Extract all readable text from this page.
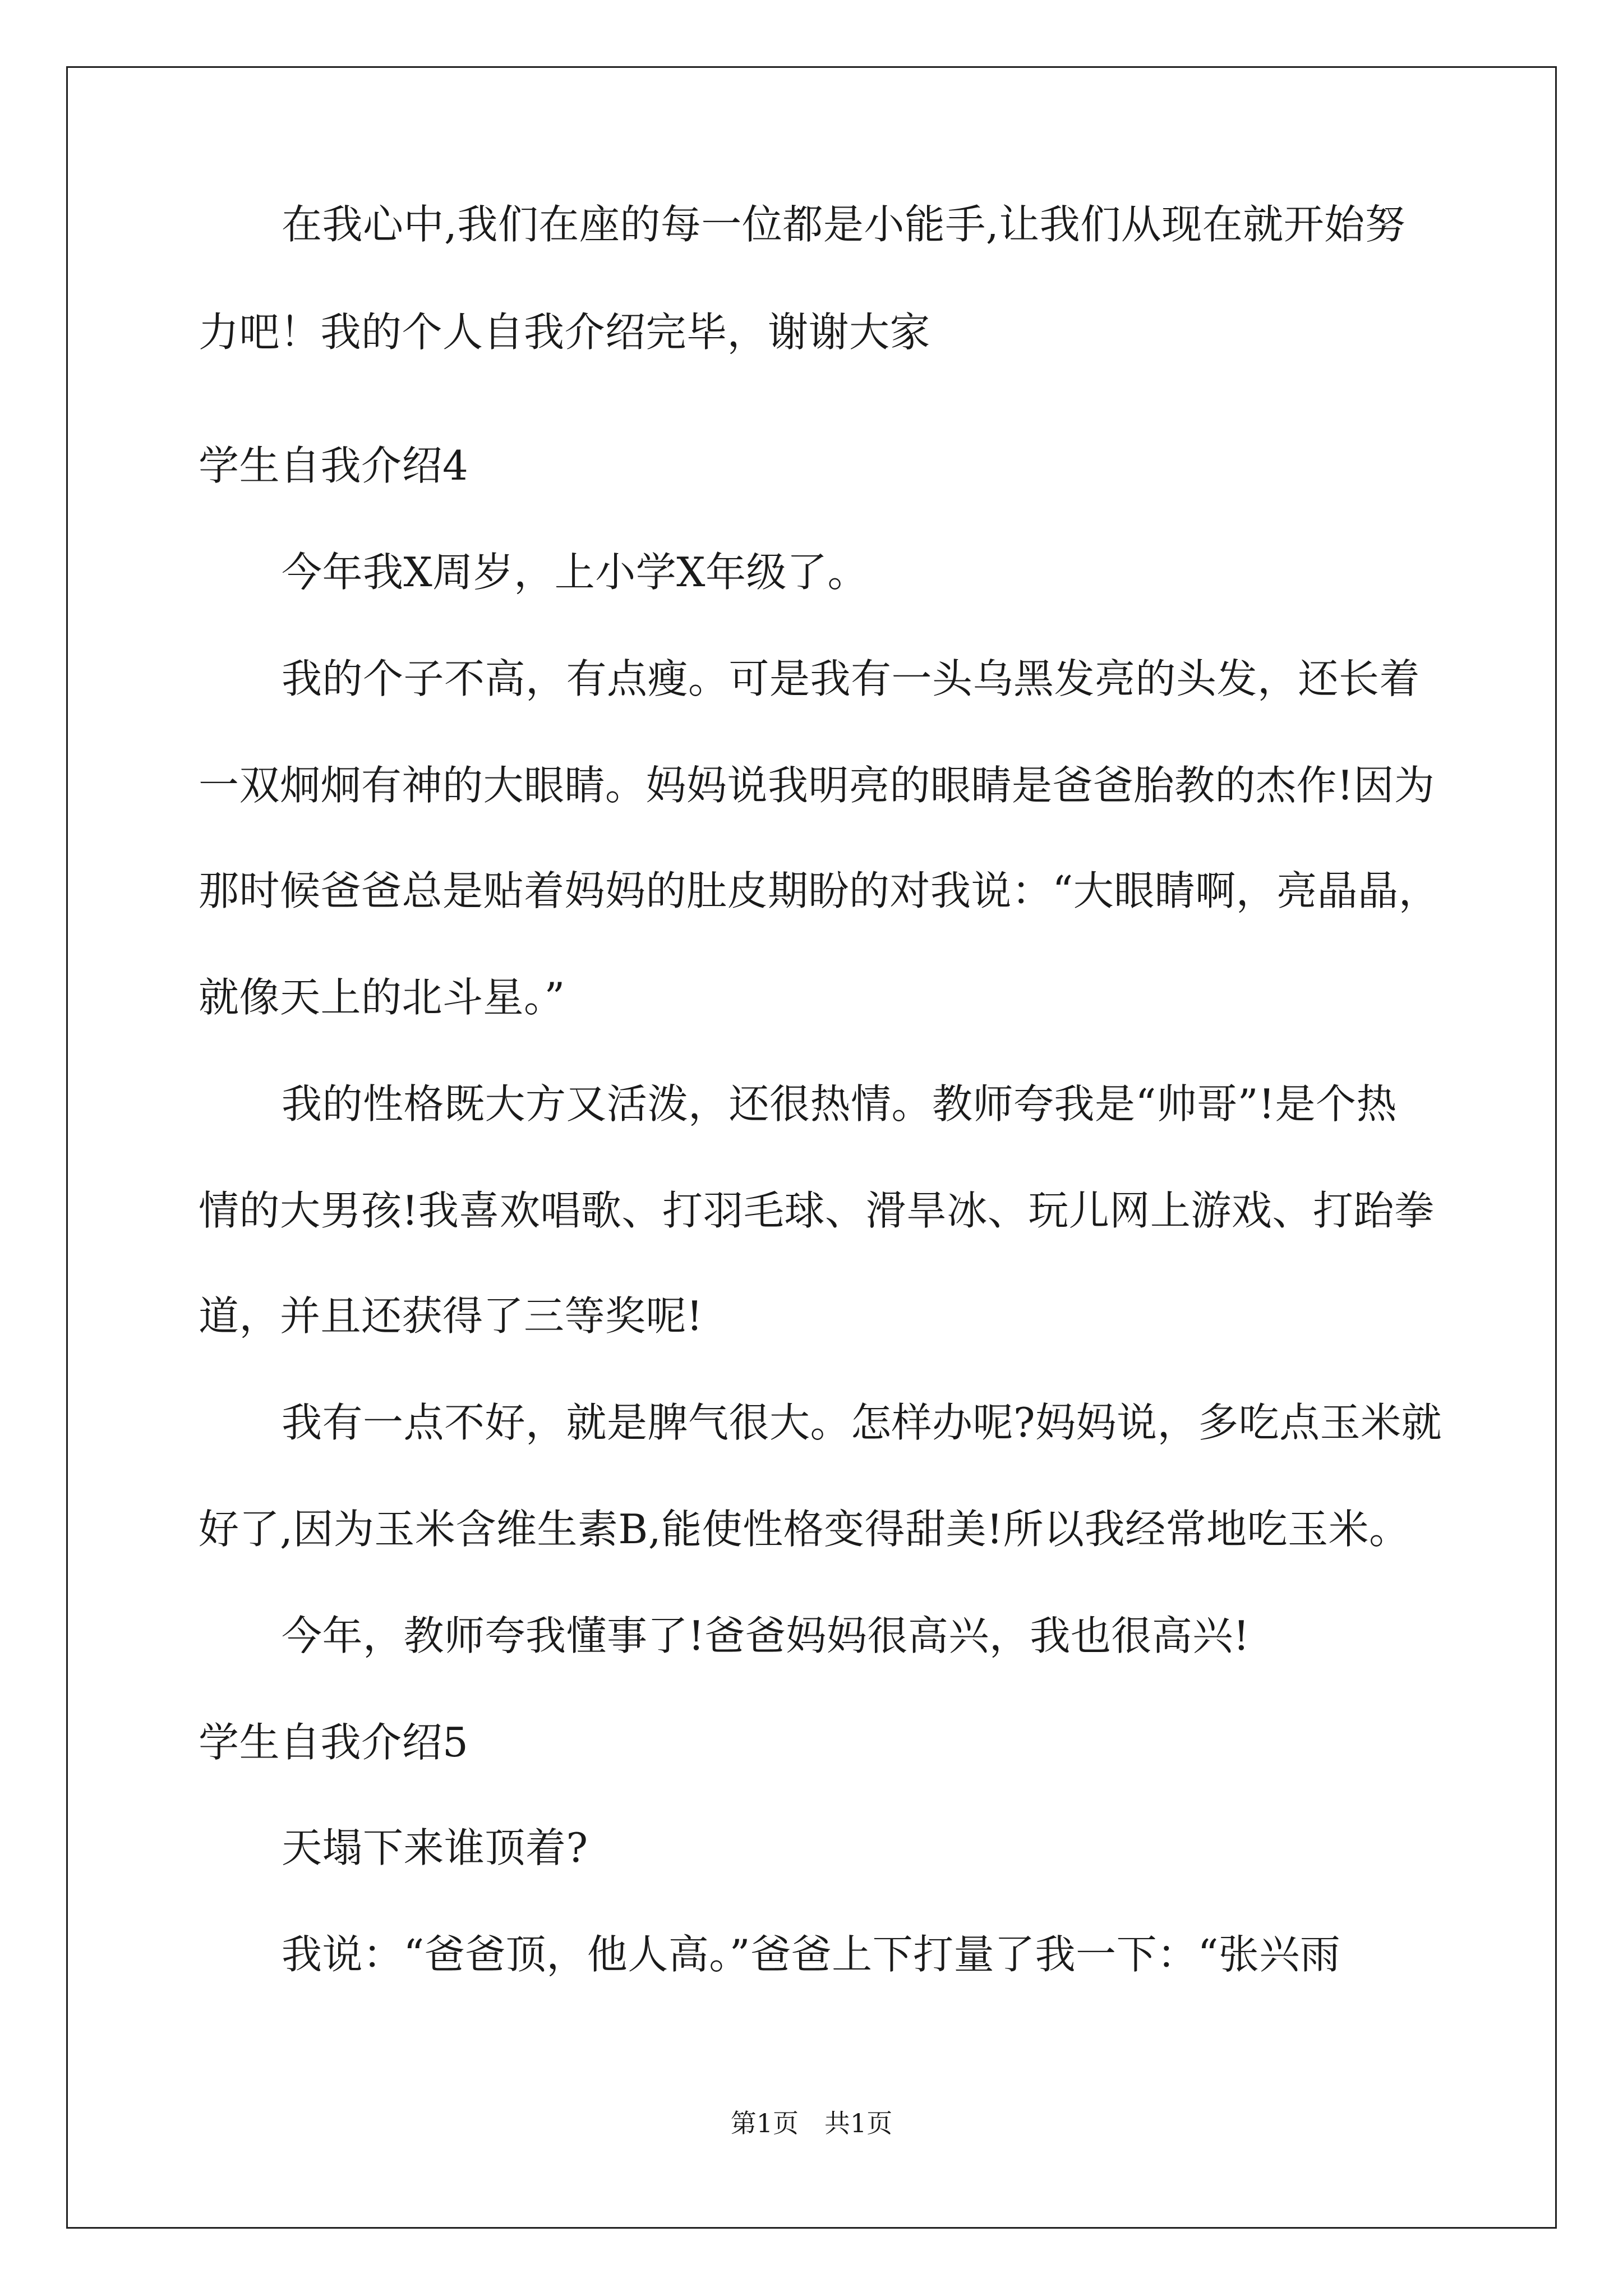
在我心中,我们在座的每一位都是小能手,让我们从现在就开始努
力吧！我的个人自我介绍完毕，谢谢大家
学生自我介绍4
今年我X周岁，上小学X年级了。
我的个子不高，有点瘦。可是我有一头乌黑发亮的头发，还长着
一双炯炯有神的大眼睛。妈妈说我明亮的眼睛是爸爸胎教的杰作!因为
那时候爸爸总是贴着妈妈的肚皮期盼的对我说：“大眼睛啊，亮晶晶，
就像天上的北斗星。”
我的性格既大方又活泼，还很热情。教师夸我是“帅哥”!是个热
情的大男孩!我喜欢唱歌、打羽毛球、滑旱冰、玩儿网上游戏、打跆拳
道，并且还获得了三等奖呢!
我有一点不好，就是脾气很大。怎样办呢?妈妈说，多吃点玉米就
好了,因为玉米含维生素B,能使性格变得甜美!所以我经常地吃玉米。
今年，教师夸我懂事了!爸爸妈妈很高兴，我也很高兴!
学生自我介绍5
天塌下来谁顶着?
我说：“爸爸顶，他人高。”爸爸上下打量了我一下：“张兴雨
第1页　共1页
